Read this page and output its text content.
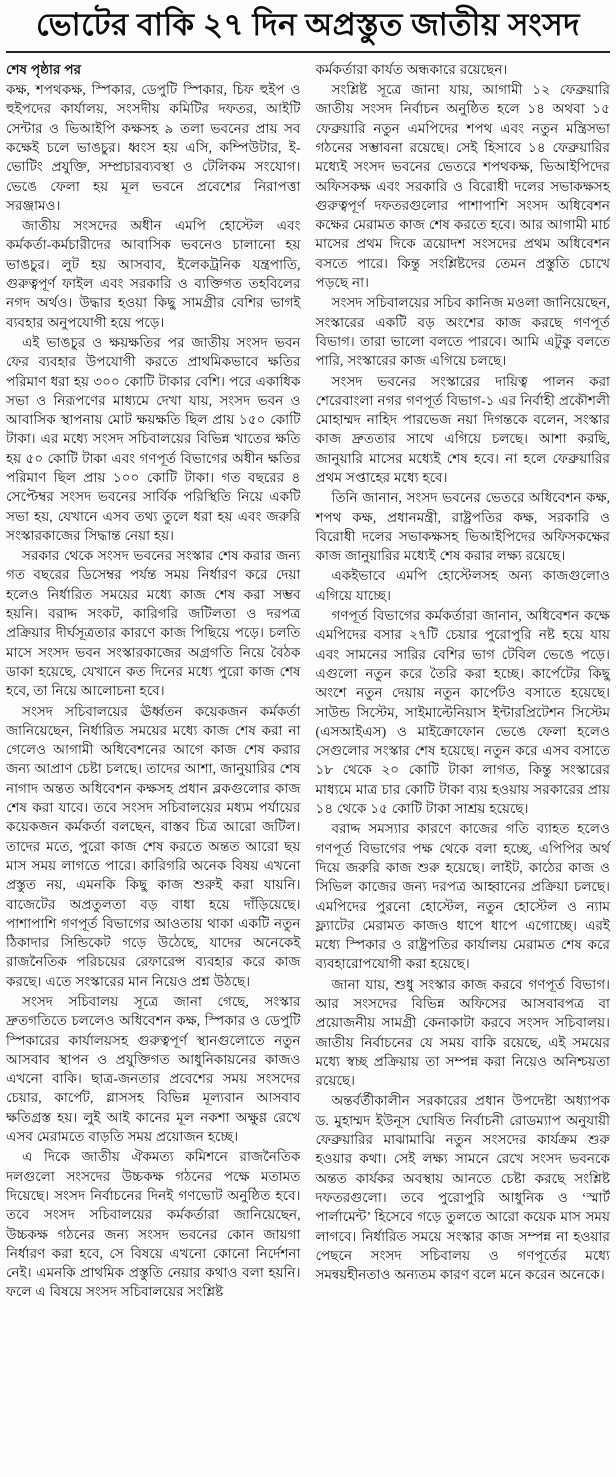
ভোটের বাকি ২৭ দিন অপ্রস্তুত জাতীয় সংসদ
শেষ পৃষ্ঠার পর

কক্ষ, শপথকক্ষ, স্পিকার, ডেপুটি স্পিকার, চিফ হুইপ ও হুইপদের কার্যালয়, সংসদীয় কমিটির দফতর, আইটি সেন্টার ও ভিআইপি কক্ষসহ ৯ তলা ভবনের প্রায় সব কক্ষেই চলে ভাঙচুর। ধ্বংস হয় এসি, কম্পিউটার, ই-ভোটিং প্রযুক্তি, সম্প্রচারব্যবস্থা ও টেলিকম সংযোগ। ভেঙে ফেলা হয় মূল ভবনে প্রবেশের নিরাপত্তা সরঞ্জামও।

জাতীয় সংসদের অধীন এমপি হোস্টেল এবং কর্মকর্তা-কর্মচারীদের আবাসিক ভবনেও চালানো হয় ভাঙচুর। লুট হয় আসবাব, ইলেকট্রনিক যন্ত্রপাতি, গুরুত্বপূর্ণ ফাইল এবং সরকারি ও ব্যক্তিগত তহবিলের নগদ অর্থও। উদ্ধার হওয়া কিছু সামগ্রীর বেশির ভাগই ব্যবহার অনুপযোগী হয়ে পড়ে।

এই ভাঙচুর ও ক্ষয়ক্ষতির পর জাতীয় সংসদ ভবন ফের ব্যবহার উপযোগী করতে প্রাথমিকভাবে ক্ষতির পরিমাণ ধরা হয় ৩০০ কোটি টাকার বেশি। পরে একাধিক সভা ও নিরূপণের মাধ্যমে দেখা যায়, সংসদ ভবন ও আবাসিক স্থাপনায় মোট ক্ষয়ক্ষতি ছিল প্রায় ১৫০ কোটি টাকা। এর মধ্যে সংসদ সচিবালয়ের বিভিন্ন খাতের ক্ষতি হয় ৫০ কোটি টাকা এবং গণপূর্ত বিভাগের অধীন ক্ষতির পরিমাণ ছিল প্রায় ১০০ কোটি টাকা। গত বছরের ৪ সেপ্টেম্বর সংসদ ভবনের সার্বিক পরিস্থিতি নিয়ে একটি সভা হয়, যেখানে এসব তথ্য তুলে ধরা হয় এবং জরুরি সংস্কারকাজের সিদ্ধান্ত নেয়া হয়।

সরকার থেকে সংসদ ভবনের সংস্কার শেষ করার জন্য গত বছরের ডিসেম্বর পর্যন্ত সময় নির্ধারণ করে দেয়া হলেও নির্ধারিত সময়ের মধ্যে কাজ শেষ করা সম্ভব হয়নি। বরাদ্দ সংকট, কারিগরি জটিলতা ও দরপত্র প্রক্রিয়ার দীর্ঘসূত্রতার কারণে কাজ পিছিয়ে পড়ে। চলতি মাসে সংসদ ভবন সংস্কারকাজের অগ্রগতি নিয়ে বৈঠক ডাকা হয়েছে, যেখানে কত দিনের মধ্যে পুরো কাজ শেষ হবে, তা নিয়ে আলোচনা হবে।

সংসদ সচিবালয়ের ঊর্ধ্বতন কয়েকজন কর্মকর্তা জানিয়েছেন, নির্ধারিত সময়ের মধ্যে কাজ শেষ করা না গেলেও আগামী অধিবেশনের আগে কাজ শেষ করার জন্য আপ্রাণ চেষ্টা চলছে। তাদের আশা, জানুয়ারির শেষ নাগাদ অন্তত অধিবেশন কক্ষসহ প্রধান ব্লকগুলোর কাজ শেষ করা যাবে। তবে সংসদ সচিবালয়ের মধ্যম পর্যায়ের কয়েকজন কর্মকর্তা বলছেন, বাস্তব চিত্র আরো জটিল। তাদের মতে, পুরো কাজ শেষ করতে অন্তত আরো ছয় মাস সময় লাগতে পারে। কারিগরি অনেক বিষয় এখনো প্রস্তুত নয়, এমনকি কিছু কাজ শুরুই করা যায়নি। বাজেটের অপ্রতুলতা বড় বাধা হয়ে দাঁড়িয়েছে। পাশাপাশি গণপূর্ত বিভাগের আওতায় থাকা একটি নতুন ঠিকাদার সিন্ডিকেট গড়ে উঠেছে, যাদের অনেকেই রাজনৈতিক পরিচয়ের রেফারেন্স ব্যবহার করে কাজ করছে। এতে সংস্কারের মান নিয়েও প্রশ্ন উঠছে।

সংসদ সচিবালয় সূত্রে জানা গেছে, সংস্কার দ্রুতগতিতে চললেও অধিবেশন কক্ষ, স্পিকার ও ডেপুটি স্পিকারের কার্যালয়সহ গুরুত্বপূর্ণ স্থানগুলোতে নতুন আসবাব স্থাপন ও প্রযুক্তিগত আধুনিকায়নের কাজও এখনো বাকি। ছাত্র-জনতার প্রবেশের সময় সংসদের চেয়ার, কার্পেট, গ্লাসসহ বিভিন্ন মূল্যবান আসবাব ক্ষতিগ্রস্ত হয়। লুই আই কানের মূল নকশা অক্ষুণ্ণ রেখে এসব মেরামতে বাড়তি সময় প্রয়োজন হচ্ছে।

এ দিকে জাতীয় ঐকমত্য কমিশনে রাজনৈতিক দলগুলো সংসদের উচ্চকক্ষ গঠনের পক্ষে মতামত দিয়েছে। সংসদ নির্বাচনের দিনই গণভোট অনুষ্ঠিত হবে। তবে সংসদ সচিবালয়ের কর্মকর্তারা জানিয়েছেন, উচ্চকক্ষ গঠনের জন্য সংসদ ভবনের কোন জায়গা নির্ধারণ করা হবে, সে বিষয়ে এখনো কোনো নির্দেশনা নেই। এমনকি প্রাথমিক প্রস্তুতি নেয়ার কথাও বলা হয়নি। ফলে এ বিষয়ে সংসদ সচিবালয়ের সংশ্লিষ্ট

কর্মকর্তারা কার্যত অন্ধকারে রয়েছেন।

সংশ্লিষ্ট সূত্রে জানা যায়, আগামী ১২ ফেব্রুয়ারি জাতীয় সংসদ নির্বাচন অনুষ্ঠিত হলে ১৪ অথবা ১৫ ফেব্রুয়ারি নতুন এমপিদের শপথ এবং নতুন মন্ত্রিসভা গঠনের সম্ভাবনা রয়েছে। সেই হিসাবে ১৪ ফেব্রুয়ারির মধ্যেই সংসদ ভবনের ভেতরে শপথকক্ষ, ভিআইপিদের অফিসকক্ষ এবং সরকারি ও বিরোধী দলের সভাকক্ষসহ গুরুত্বপূর্ণ দফতরগুলোর পাশাপাশি সংসদ অধিবেশন কক্ষের মেরামত কাজ শেষ করতে হবে। আর আগামী মার্চ মাসের প্রথম দিকে ত্রয়োদশ সংসদের প্রথম অধিবেশন বসতে পারে। কিন্তু সংশ্লিষ্টদের তেমন প্রস্তুতি চোখে পড়ছে না।

সংসদ সচিবালয়ের সচিব কানিজ মওলা জানিয়েছেন, সংস্কারের একটি বড় অংশের কাজ করছে গণপূর্ত বিভাগ। তারা ভালো বলতে পারবে। আমি এটুকু বলতে পারি, সংস্কারের কাজ এগিয়ে চলছে।

সংসদ ভবনের সংস্কারের দায়িত্ব পালন করা শেরেবাংলা নগর গণপূর্ত বিভাগ-১ এর নির্বাহী প্রকৌশলী মোহাম্মদ নাহিদ পারভেজ নয়া দিগন্তকে বলেন, সংস্কার কাজ দ্রুততার সাথে এগিয়ে চলছে। আশা করছি, জানুয়ারি মাসের মধ্যেই শেষ হবে। না হলে ফেব্রুয়ারির প্রথম সপ্তাহের মধ্যে হবে।

তিনি জানান, সংসদ ভবনের ভেতরে অধিবেশন কক্ষ, শপথ কক্ষ, প্রধানমন্ত্রী, রাষ্ট্রপতির কক্ষ, সরকারি ও বিরোধী দলের সভাকক্ষসহ ভিআইপিদের অফিসকক্ষের কাজ জানুয়ারির মধ্যেই শেষ করার লক্ষ্য রয়েছে।

একইভাবে এমপি হোস্টেলসহ অন্য কাজগুলোও এগিয়ে যাচ্ছে।

গণপূর্ত বিভাগের কর্মকর্তারা জানান, অধিবেশন কক্ষে এমপিদের বসার ২৭টি চেয়ার পুরোপুরি নষ্ট হয়ে যায় এবং সামনের সারির বেশির ভাগ টেবিল ভেঙে পড়ে। এগুলো নতুন করে তৈরি করা হচ্ছে। কার্পেটের কিছু অংশে নতুন দেয়ায় নতুন কার্পেটও বসাতে হয়েছে। সাউন্ড সিস্টেম, সাইমাল্টেনিয়াস ইন্টারপ্রিটেশন সিস্টেম (এসআইএস) ও মাইক্রোফোন ভেঙে ফেলা হলেও সেগুলোর সংস্কার শেষ হয়েছে। নতুন করে এসব বসাতে ১৮ থেকে ২০ কোটি টাকা লাগত, কিন্তু সংস্কারের মাধ্যমে মাত্র চার কোটি টাকা ব্যয় হওয়ায় সরকারের প্রায় ১৪ থেকে ১৫ কোটি টাকা সাশ্রয় হয়েছে।

বরাদ্দ সমস্যার কারণে কাজের গতি ব্যাহত হলেও গণপূর্ত বিভাগের পক্ষ থেকে বলা হচ্ছে, এপিপির অর্থ দিয়ে জরুরি কাজ শুরু হয়েছে। লাইট, কাঠের কাজ ও সিভিল কাজের জন্য দরপত্র আহ্বানের প্রক্রিয়া চলছে। এমপিদের পুরনো হোস্টেল, নতুন হোস্টেল ও ন্যাম ফ্ল্যাটের মেরামত কাজও ধাপে ধাপে এগোচ্ছে। এরই মধ্যে স্পিকার ও রাষ্ট্রপতির কার্যালয় মেরামত শেষ করে ব্যবহারোপযোগী করা হয়েছে।

জানা যায়, শুধু সংস্কার কাজ করবে গণপূর্ত বিভাগ। আর সংসদের বিভিন্ন অফিসের আসবাবপত্র বা প্রয়োজনীয় সামগ্রী কেনাকাটা করবে সংসদ সচিবালয়। জাতীয় নির্বাচনের যে সময় বাকি রয়েছে, এই সময়ের মধ্যে স্বচ্ছ প্রক্রিয়ায় তা সম্পন্ন করা নিয়েও অনিশ্চয়তা রয়েছে।

অন্তর্বর্তীকালীন সরকারের প্রধান উপদেষ্টা অধ্যাপক ড. মুহাম্মদ ইউনূস ঘোষিত নির্বাচনী রোডম্যাপ অনুযায়ী ফেব্রুয়ারির মাঝামাঝি নতুন সংসদের কার্যক্রম শুরু হওয়ার কথা। সেই লক্ষ্য সামনে রেখে সংসদ ভবনকে অন্তত কার্যকর অবস্থায় আনতে চেষ্টা করছে সংশ্লিষ্ট দফতরগুলো। তবে পুরোপুরি আধুনিক ও ‘স্মার্ট পার্লামেন্ট’ হিসেবে গড়ে তুলতে আরো কয়েক মাস সময় লাগবে। নির্ধারিত সময়ে সংস্কার কাজ সম্পন্ন না হওয়ার পেছনে সংসদ সচিবালয় ও গণপূর্তের মধ্যে সমন্বয়হীনতাও অন্যতম কারণ বলে মনে করেন অনেকে।
